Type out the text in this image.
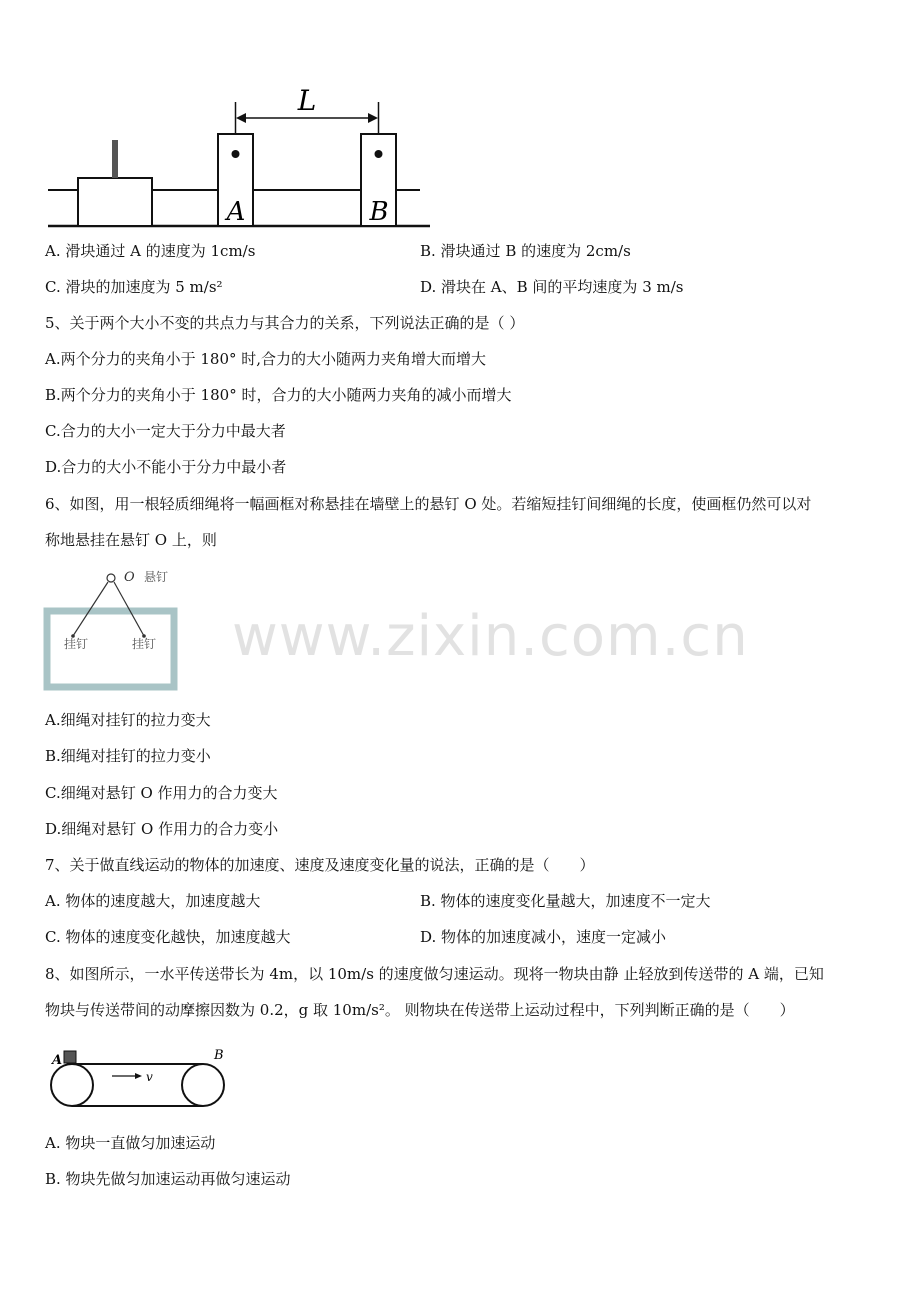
L
A	B
A. 滑块通过 A 的速度为 1cm/s	B. 滑块通过 B 的速度为 2cm/s
C. 滑块的加速度为 5 m/s²	D. 滑块在 A、B 间的平均速度为 3 m/s
5、关于两个大小不变的共点力与其合力的关系，下列说法正确的是（ ）
A.两个分力的夹角小于 180° 时,合力的大小随两力夹角增大而增大
B.两个分力的夹角小于 180° 时，合力的大小随两力夹角的减小而增大
C.合力的大小一定大于分力中最大者
D.合力的大小不能小于分力中最小者
6、如图，用一根轻质细绳将一幅画框对称悬挂在墙壁上的悬钉 O 处。若缩短挂钉间细绳的长度，使画框仍然可以对
称地悬挂在悬钉 O 上，则
O 悬钉
挂钉	挂钉 www.zixin.com.cn
A.细绳对挂钉的拉力变大
B.细绳对挂钉的拉力变小
C.细绳对悬钉 O 作用力的合力变大
D.细绳对悬钉 O 作用力的合力变小
7、关于做直线运动的物体的加速度、速度及速度变化量的说法，正确的是（　　）
A. 物体的速度越大，加速度越大	B. 物体的速度变化量越大，加速度不一定大
C. 物体的速度变化越快，加速度越大	D. 物体的加速度减小，速度一定减小
8、如图所示，一水平传送带长为 4m，以 10m/s 的速度做匀速运动。现将一物块由静 止轻放到传送带的 A 端，已知
物块与传送带间的动摩擦因数为 0.2，g 取 10m/s²。 则物块在传送带上运动过程中，下列判断正确的是（　　）
A	B
v
A. 物块一直做匀加速运动
B. 物块先做匀加速运动再做匀速运动
